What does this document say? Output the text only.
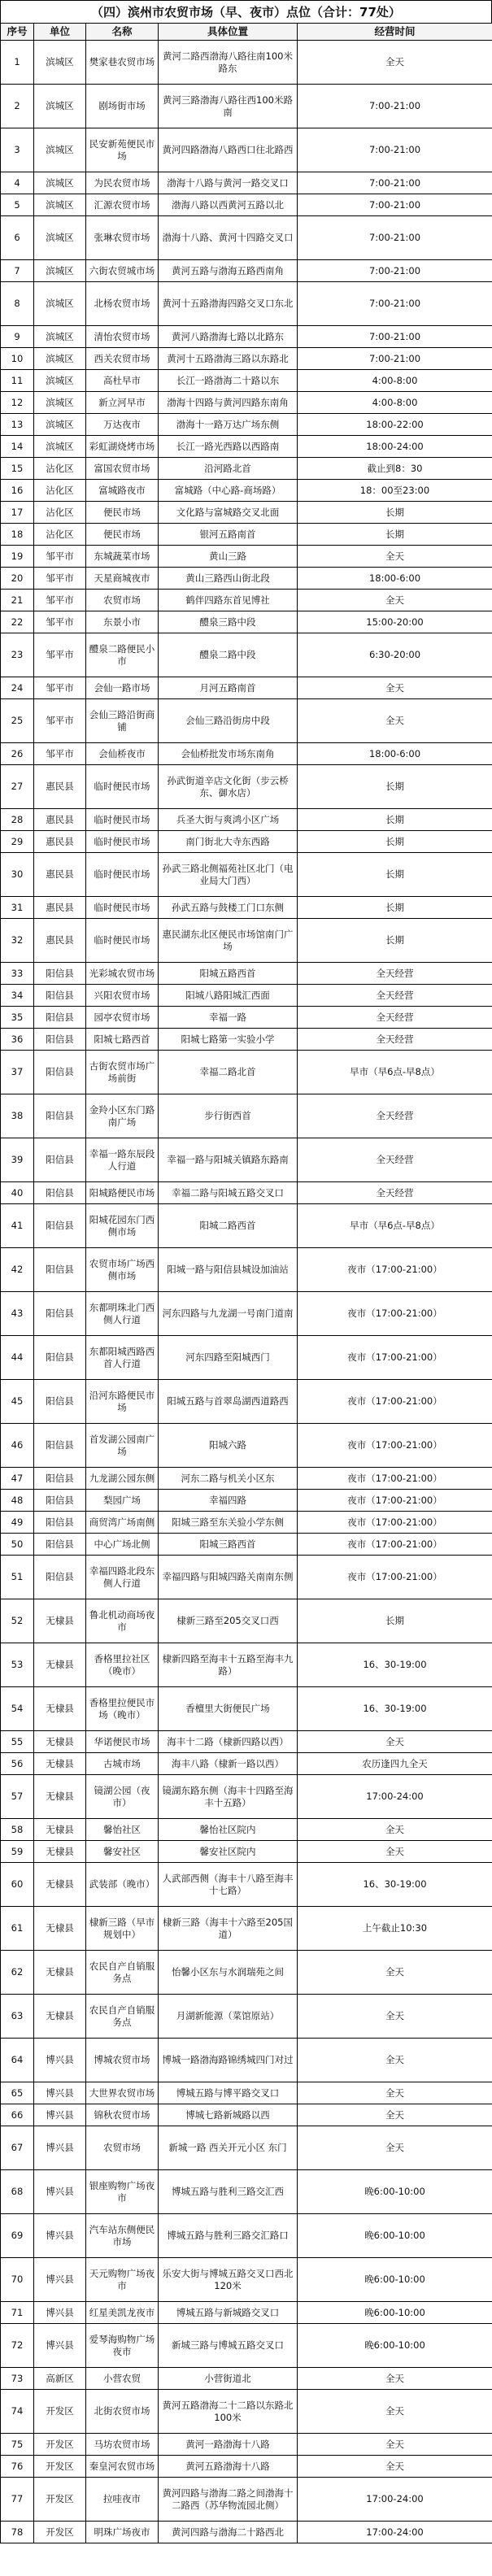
（四）滨州市农贸市场（早、夜市）点位（合计：77处）
序号	单位	名称	具体位置	经营时间
1	滨城区	樊家巷农贸市场	黄河二路西渤海八路往南100米路东	全天
2	滨城区	剧场街市场	黄河三路渤海八路往西100米路南	7:00-21:00
3	滨城区	民安新苑便民市场	黄河四路渤海八路西口往北路西	7:00-21:00
4	滨城区	为民农贸市场	渤海十八路与黄河一路交叉口	7:00-21:00
5	滨城区	汇源农贸市场	渤海八路以西黄河五路以北	7:00-21:00
6	滨城区	张琳农贸市场	渤海十八路、黄河十四路交叉口	7:00-21:00
7	滨城区	六街农贸城市场	黄河五路与渤海五路西南角	7:00-21:00
8	滨城区	北杨农贸市场	黄河十五路渤海四路交叉口东北	7:00-21:00
9	滨城区	清怡农贸市场	黄河八路渤海七路以北路东	7:00-21:00
10	滨城区	西关农贸市场	黄河十五路渤海三路以东路北	7:00-21:00
11	滨城区	高杜早市	长江一路渤海二十路以东	4:00-8:00
12	滨城区	新立河早市	渤海十四路与黄河四路东南角	4:00-8:00
13	滨城区	万达夜市	渤海十一路万达广场东侧	18:00-22:00
14	滨城区	彩虹湖烧烤市场	长江一路光西路以西路南	18:00-24:00
15	沾化区	富国农贸市场	沿河路北首	截止到8：30
16	沾化区	富城路夜市	富城路（中心路-商场路）	18：00至23:00
17	沾化区	便民市场	文化路与富城路交叉北面	长期
18	沾化区	便民市场	银河五路南首	长期
19	邹平市	东城蔬菜市场	黄山三路	全天
20	邹平市	天星商城夜市	黄山三路西山街北段	18:00-6:00
21	邹平市	农贸市场	鹤伴四路东首见博社	全天
22	邹平市	东景小市	醴泉三路中段	15:00-20:00
23	邹平市	醴泉二路便民小市	醴泉二路中段	6:30-20:00
24	邹平市	会仙一路市场	月河五路南首	全天
25	邹平市	会仙三路沿街商铺	会仙三路沿街房中段	全天
26	邹平市	会仙桥夜市	会仙桥批发市场东南角	18:00-6:00
27	惠民县	临时便民市场	孙武街道辛店文化街（步云桥东、御水店）	长期
28	惠民县	临时便民市场	兵圣大街与爽鸿小区广场	长期
29	惠民县	临时便民市场	南门街北大寺东西路	长期
30	惠民县	临时便民市场	孙武三路北侧福苑社区北门（电业局大门西）	长期
31	惠民县	临时便民市场	孙武五路与鼓楼工门口东侧	长期
32	惠民县	临时便民市场	惠民湖东北区便民市场馆南门广场	长期
33	阳信县	光彩城农贸市场	阳城五路西首	全天经营
34	阳信县	兴阳农贸市场	阳城八路阳城汇西面	全天经营
35	阳信县	园亭农贸市场	幸福一路	全天经营
36	阳信县	阳城七路西首	阳城七路第一实验小学	全天经营
37	阳信县	古街农贸市场广场前街	幸福二路北首	早市（早6点-早8点）
38	阳信县	金羚小区东门路南广场	步行街西首	全天经营
39	阳信县	幸福一路东辰段人行道	幸福一路与阳城关镇路东路南	全天经营
40	阳信县	阳城路便民市场	幸福二路与阳城五路交叉口	全天经营
41	阳信县	阳城花园东门西侧市场	阳城二路西首	早市（早6点-早8点）
42	阳信县	农贸市场广场西侧市场	阳城一路与阳信县城设加油站	夜市（17:00-21:00）
43	阳信县	东都明珠北门西侧人行道	河东四路与九龙湖一号南门道南	夜市（17:00-21:00）
44	阳信县	东都阳城西路西首人行道	河东四路至阳城西门	夜市（17:00-21:00）
45	阳信县	沿河东路便民市场	阳城五路与首翠岛湖西道路西	夜市（17:00-21:00）
46	阳信县	首发湖公园南广场	阳城六路	夜市（17:00-21:00）
47	阳信县	九龙湖公园东侧	河东二路与机关小区东	夜市（17:00-21:00）
48	阳信县	梨园广场	幸福四路	夜市（17:00-21:00）
49	阳信县	商贸湾广场南侧	阳城三路至东关验小学东侧	夜市（17:00-21:00）
50	阳信县	中心广场北侧	阳城三路西首	夜市（17:00-21:00）
51	阳信县	幸福四路北段东侧人行道	幸福四路与阳城四路关南南东侧	夜市（17:00-21:00）
52	无棣县	鲁北机动商场夜市	棣新三路至205交叉口西	长期
53	无棣县	香格里拉社区（晚市）	棣新四路至海丰十五路至海丰九路）	16、30-19:00
54	无棣县	香格里拉便民市场（晚市）	香檀里大街便民广场	16、30-19:00
55	无棣县	华诺便民市场	海丰十二路（棣新四路以西）	全天
56	无棣县	古城市场	海丰八路（棣新一路以西）	农历逢四九全天
57	无棣县	镜湖公园（夜市）	镜湖东路东侧（海丰十四路至海丰十五路）	17:00-24:00
58	无棣县	馨怡社区	馨怡社区院内	全天
59	无棣县	馨安社区	馨安社区院内	全天
60	无棣县	武装部（晚市）	人武部西侧（海丰十八路至海丰十七路）	16、30-19:00
61	无棣县	棣新三路（早市规划中）	棣新三路（海丰十六路至205国道）	上午截止10:30
62	无棣县	农民自产自销服务点	怡馨小区东与水润瑞苑之间	全天
63	无棣县	农民自产自销服务点	月湖新能源（菜馆原站）	全天
64	博兴县	博城农贸市场	博城一路渤海路锦绣城四门对过	全天
65	博兴县	大世界农贸市场	博城五路与博平路交叉口	全天
66	博兴县	锦秋农贸市场	博城七路新城路以西	全天
67	博兴县	农贸市场	新城一路 西关开元小区 东门	全天
68	博兴县	银座购物广场夜市	博城五路与胜利三路交汇西	晚6:00-10:00
69	博兴县	汽车站东侧便民市场	博城五路与胜利三路交汇路口	晚6:00-10:00
70	博兴县	天元购物广场夜市	乐安大街与博城五路交叉口西北120米	晚6:00-10:00
71	博兴县	红星美凯龙夜市	博城五路与新城路交叉口	晚6:00-10:00
72	博兴县	爱琴海购物广场夜市	新城三路与博城五路交叉口	晚6:00-10:00
73	高新区	小营农贸	小营街道北	全天
74	开发区	北街农贸市场	黄河五路渤海二十二路以东路北100米	全天
75	开发区	马坊农贸市场	黄河一路渤海十八路	全天
76	开发区	秦皇河农贸市场	黄河五路渤海十八路	全天
77	开发区	拉哇夜市	黄河四路与渤海二路之间渤海十二路西（苏华物流园北侧）	17:00-24:00
78	开发区	明珠广场夜市	黄河四路与渤海二十路西北	17:00-24:00
